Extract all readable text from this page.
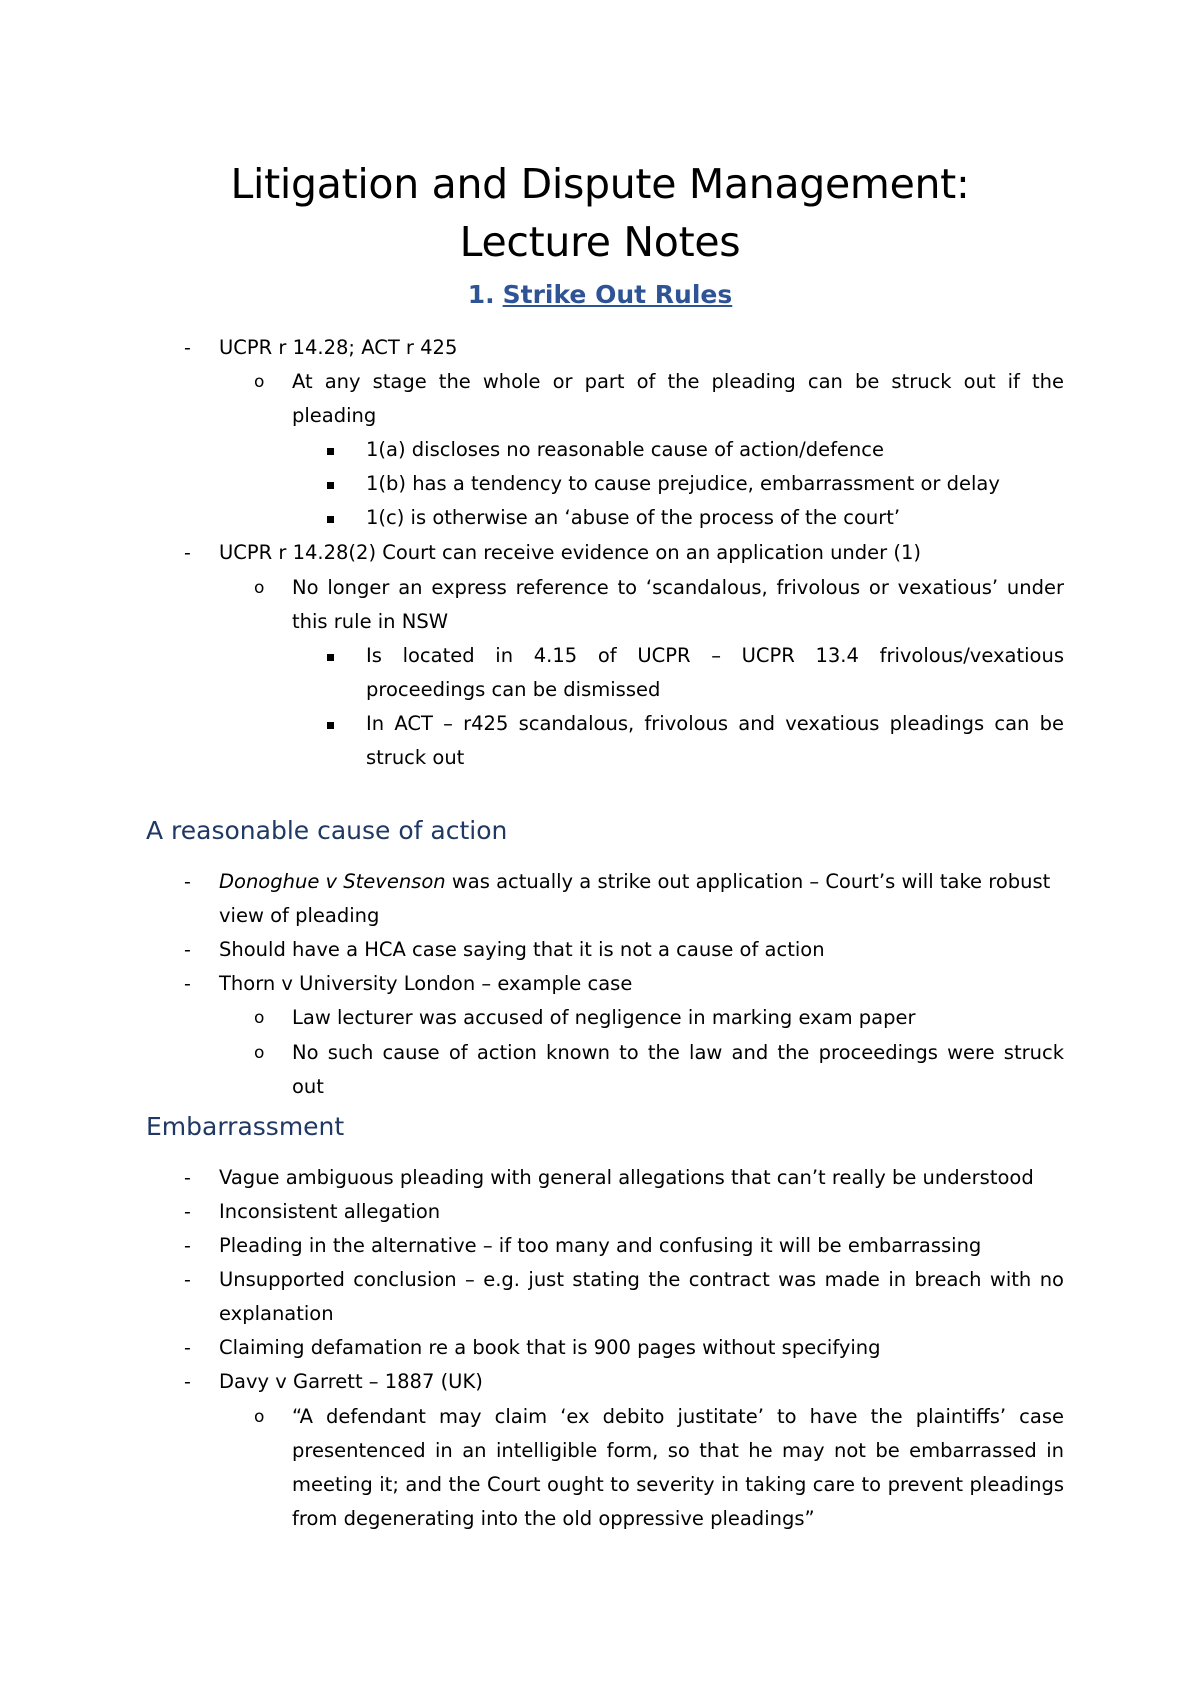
Litigation and Dispute Management:
Lecture Notes
1. Strike Out Rules
- UCPR r 14.28; ACT r 425
o At any stage the whole or part of the pleading can be struck out if the
pleading
1(a) discloses no reasonable cause of action/defence
1(b) has a tendency to cause prejudice, embarrassment or delay
1(c) is otherwise an ‘abuse of the process of the court’
- UCPR r 14.28(2) Court can receive evidence on an application under (1)
o No longer an express reference to ‘scandalous, frivolous or vexatious’ under
this rule in NSW
Is located in 4.15 of UCPR – UCPR 13.4 frivolous/vexatious
proceedings can be dismissed
In ACT – r425 scandalous, frivolous and vexatious pleadings can be
struck out
A reasonable cause of action
- Donoghue v Stevenson was actually a strike out application – Court’s will take robust
view of pleading
- Should have a HCA case saying that it is not a cause of action
- Thorn v University London – example case
o Law lecturer was accused of negligence in marking exam paper
o No such cause of action known to the law and the proceedings were struck
out
Embarrassment
- Vague ambiguous pleading with general allegations that can’t really be understood
- Inconsistent allegation
- Pleading in the alternative – if too many and confusing it will be embarrassing
- Unsupported conclusion – e.g. just stating the contract was made in breach with no
explanation
- Claiming defamation re a book that is 900 pages without specifying
- Davy v Garrett – 1887 (UK)
o “A defendant may claim ‘ex debito justitate’ to have the plaintiffs’ case
presentenced in an intelligible form, so that he may not be embarrassed in
meeting it; and the Court ought to severity in taking care to prevent pleadings
from degenerating into the old oppressive pleadings”
